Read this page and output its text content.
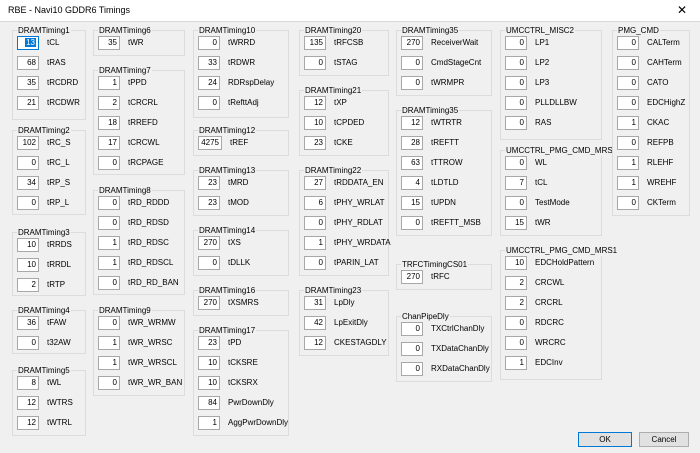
RBE - Navi10 GDDR6 Timings	✕
DRAMTiming1
13	tCL
68	tRAS
35	tRCDRD
21	tRCDWR
DRAMTiming2
102	tRC_S
0	tRC_L
34	tRP_S
0	tRP_L
DRAMTiming3
10	tRRDS
10	tRRDL
2	tRTP
DRAMTiming4
36	tFAW
0	t32AW
DRAMTiming5
8	tWL
12	tWTRS
12	tWTRL
DRAMTiming6
35	tWR
DRAMTiming7
1	tPPD
2	tCRCRL
18	tRREFD
17	tCRCWL
0	tRCPAGE
DRAMTiming8
0	tRD_RDDD
0	tRD_RDSD
1	tRD_RDSC
1	tRD_RDSCL
0	tRD_RD_BAN
DRAMTiming9
0	tWR_WRMW
1	tWR_WRSC
1	tWR_WRSCL
0	tWR_WR_BAN
DRAMTiming10
0	tWRRD
33	tRDWR
24	RDRspDelay
0	tRefttAdj
DRAMTiming12
4275	tREF
DRAMTiming13
23	tMRD
23	tMOD
DRAMTiming14
270	tXS
0	tDLLK
DRAMTiming16
270	tXSMRS
DRAMTiming17
23	tPD
10	tCKSRE
10	tCKSRX
84	PwrDownDly
1	AggPwrDownDly
DRAMTiming20
135	tRFCSB
0	tSTAG
DRAMTiming21
12	tXP
10	tCPDED
23	tCKE
DRAMTiming22
27	tRDDATA_EN
6	tPHY_WRLAT
0	tPHY_RDLAT
1	tPHY_WRDATA
0	tPARIN_LAT
DRAMTiming23
31	LpDly
42	LpExitDly
12	CKESTAGDLY
DRAMTiming35
270	ReceiverWait
0	CmdStageCnt
0	tWRMPR
DRAMTiming35
12	tWTRTR
28	tREFTT
63	tTTROW
4	tLDTLD
15	tUPDN
0	tREFTT_MSB
TRFCTimingCS01
270	tRFC
ChanPipeDly
0	TXCtrlChanDly
0	TXDataChanDly
0	RXDataChanDly
UMCCTRL_MISC2
0	LP1
0	LP2
0	LP3
0	PLLDLLBW
0	RAS
UMCCTRL_PMG_CMD_MRS
0	WL
7	tCL
0	TestMode
15	tWR
UMCCTRL_PMG_CMD_MRS1
10	EDCHoldPattern
2	CRCWL
2	CRCRL
0	RDCRC
0	WRCRC
1	EDCInv
PMG_CMD
0	CALTerm
0	CAHTerm
0	CATO
0	EDCHighZ
1	CKAC
0	REFPB
1	RLEHF
1	WREHF
0	CKTerm
OK	Cancel
